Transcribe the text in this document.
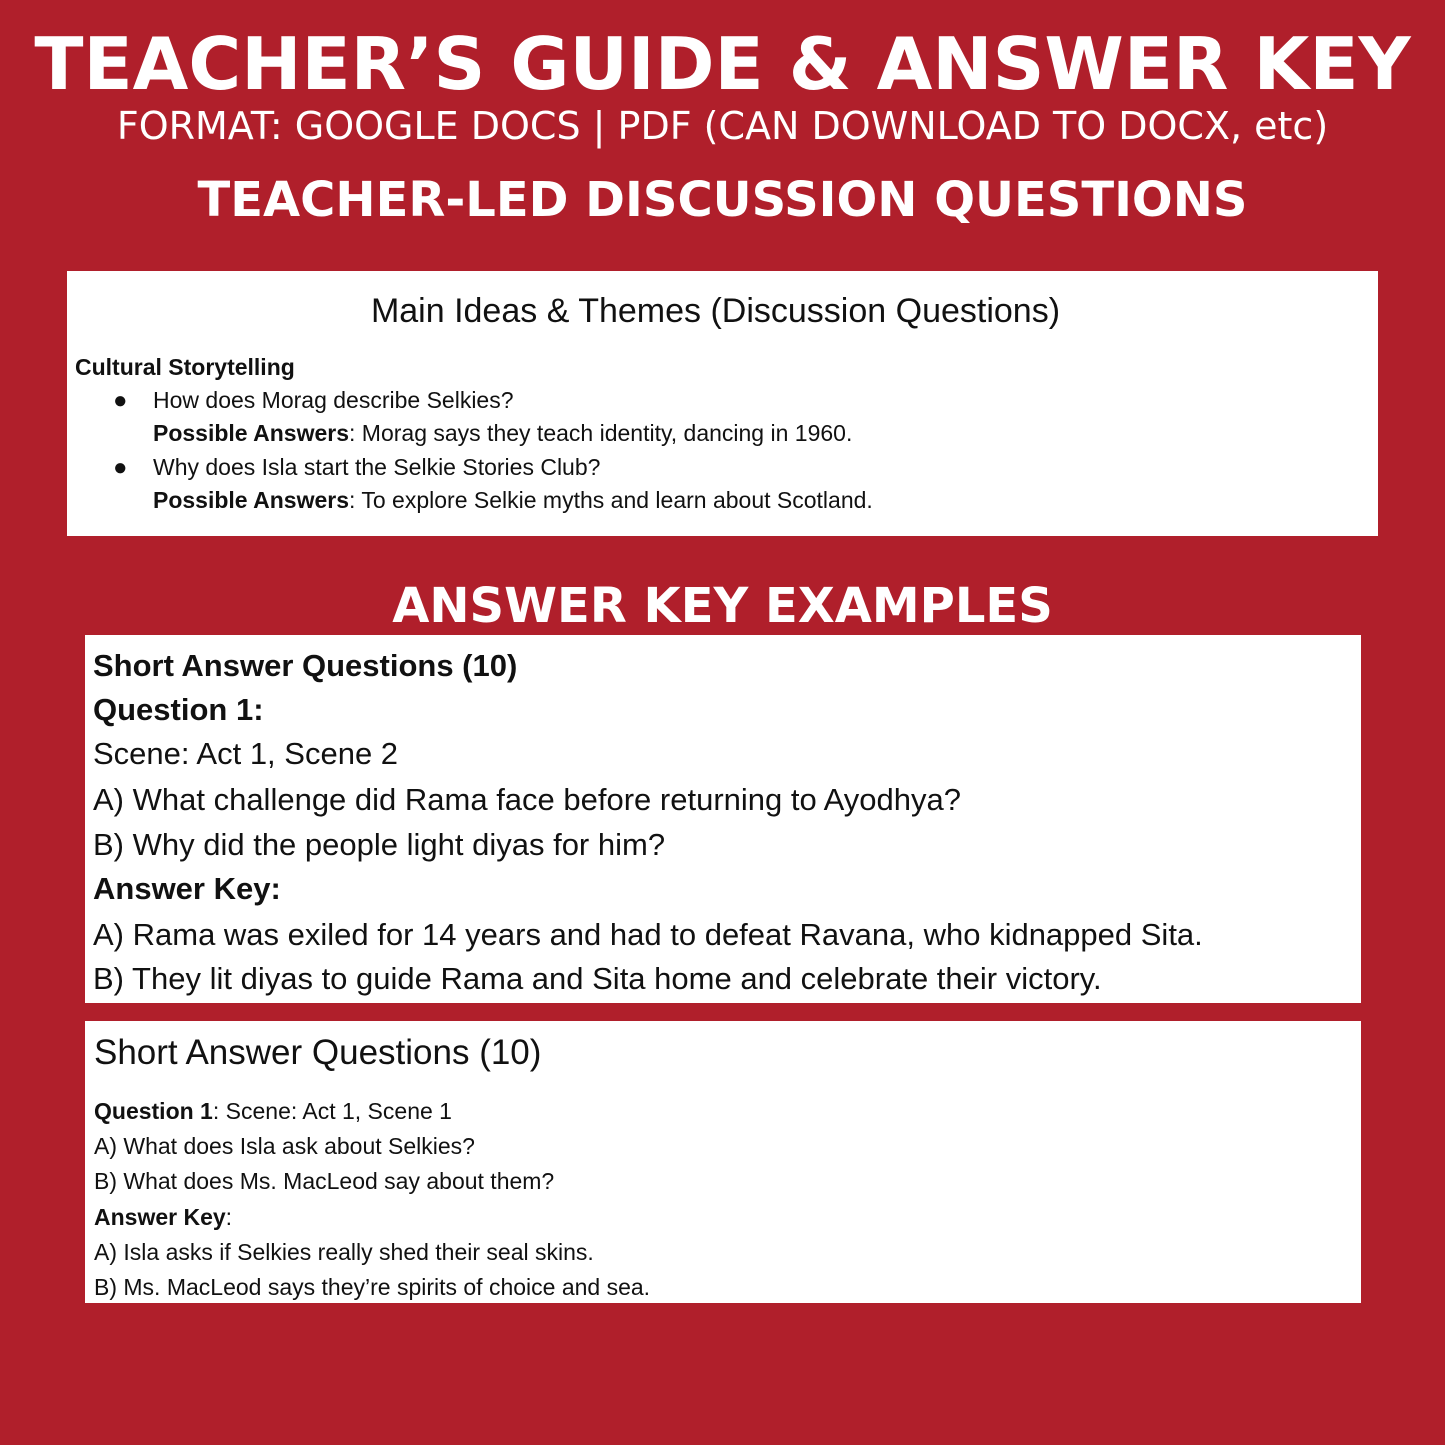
TEACHER’S GUIDE & ANSWER KEY
FORMAT: GOOGLE DOCS | PDF (CAN DOWNLOAD TO DOCX, etc)
TEACHER-LED DISCUSSION QUESTIONS
Main Ideas & Themes (Discussion Questions)
Cultural Storytelling
● How does Morag describe Selkies?
Possible Answers: Morag says they teach identity, dancing in 1960.
● Why does Isla start the Selkie Stories Club?
Possible Answers: To explore Selkie myths and learn about Scotland.
ANSWER KEY EXAMPLES
Short Answer Questions (10)
Question 1:
Scene: Act 1, Scene 2
A) What challenge did Rama face before returning to Ayodhya?
B) Why did the people light diyas for him?
Answer Key:
A) Rama was exiled for 14 years and had to defeat Ravana, who kidnapped Sita.
B) They lit diyas to guide Rama and Sita home and celebrate their victory.
Short Answer Questions (10)
Question 1: Scene: Act 1, Scene 1
A) What does Isla ask about Selkies?
B) What does Ms. MacLeod say about them?
Answer Key:
A) Isla asks if Selkies really shed their seal skins.
B) Ms. MacLeod says they’re spirits of choice and sea.
